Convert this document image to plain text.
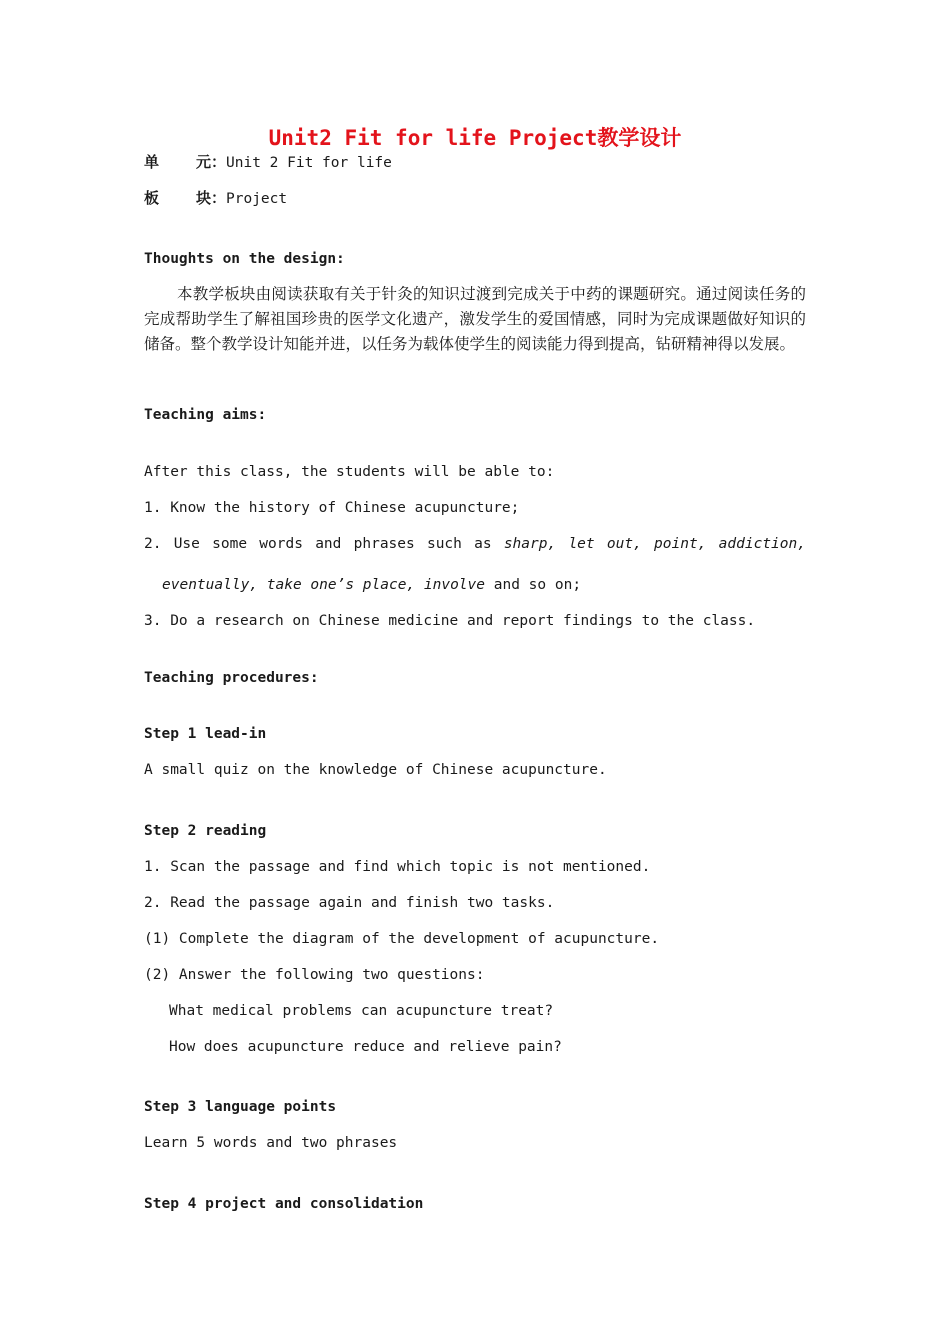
Unit2 Fit for life Project教学设计
单 元：Unit 2 Fit for life
板 块：Project
Thoughts on the design:
本教学板块由阅读获取有关于针灸的知识过渡到完成关于中药的课题研究。通过阅读任务的完成帮助学生了解祖国珍贵的医学文化遗产，激发学生的爱国情感，同时为完成课题做好知识的储备。整个教学设计知能并进，以任务为载体使学生的阅读能力得到提高，钻研精神得以发展。
Teaching aims:
After this class, the students will be able to:
1. Know the history of Chinese acupuncture;
2. Use some words and phrases such as sharp, let out, point, addiction,
eventually, take one’s place, involve and so on;
3. Do a research on Chinese medicine and report findings to the class.
Teaching procedures:
Step 1 lead-in
A small quiz on the knowledge of Chinese acupuncture.
Step 2 reading
1. Scan the passage and find which topic is not mentioned.
2. Read the passage again and finish two tasks.
(1) Complete the diagram of the development of acupuncture.
(2) Answer the following two questions:
What medical problems can acupuncture treat?
How does acupuncture reduce and relieve pain?
Step 3 language points
Learn 5 words and two phrases
Step 4 project and consolidation
